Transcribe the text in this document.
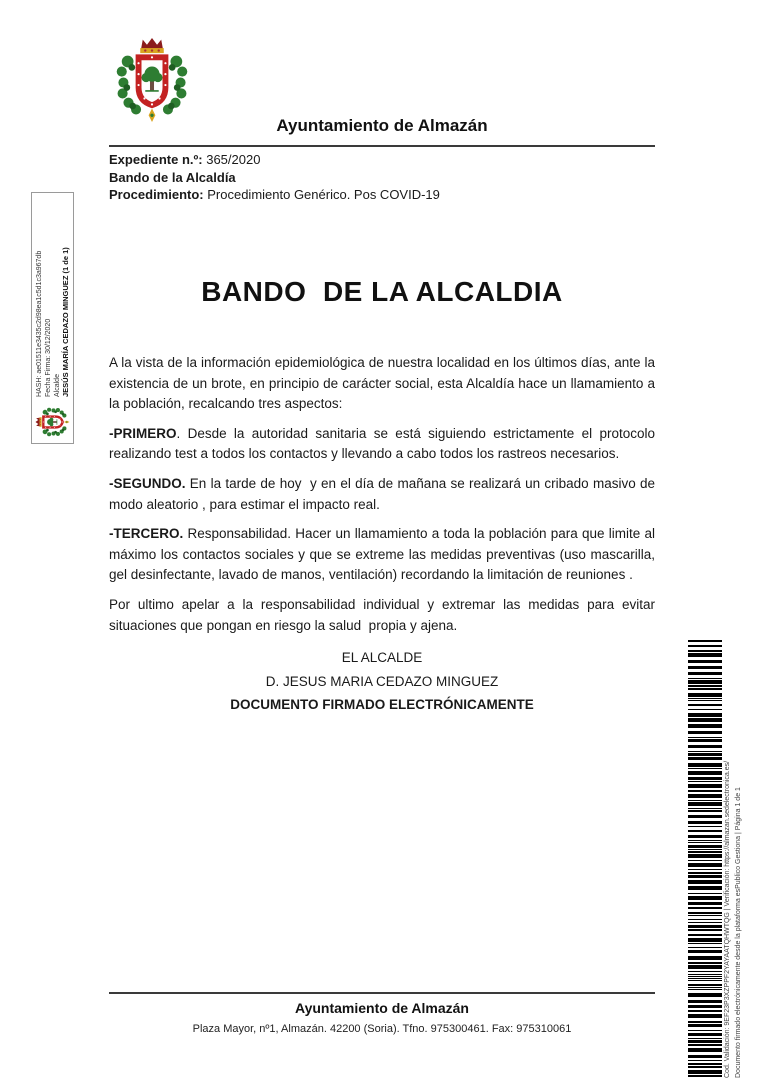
Ayuntamiento de Almazán

Expediente n.º: 365/2020

Bando de la Alcaldía

Procedimiento: Procedimiento Genérico. Pos COVID-19

BANDO  DE LA ALCALDIA

A la vista de la información epidemiológica de nuestra localidad en los últimos días, ante la existencia de un brote, en principio de carácter social, esta Alcaldía hace un llamamiento a la población, recalcando tres aspectos:

-PRIMERO. Desde la autoridad sanitaria se está siguiendo estrictamente el protocolo realizando test a todos los contactos y llevando a cabo todos los rastreos necesarios.

-SEGUNDO. En la tarde de hoy  y en el día de mañana se realizará un cribado masivo de modo aleatorio , para estimar el impacto real.

-TERCERO. Responsabilidad. Hacer un llamamiento a toda la población para que limite al máximo los contactos sociales y que se extreme las medidas preventivas (uso mascarilla, gel desinfectante, lavado de manos, ventilación) recordando la limitación de reuniones .

Por ultimo apelar a la responsabilidad individual y extremar las medidas para evitar situaciones que pongan en riesgo la salud  propia y ajena.

EL ALCALDE
D. JESUS MARIA CEDAZO MINGUEZ
DOCUMENTO FIRMADO ELECTRÓNICAMENTE

Ayuntamiento de Almazán

Plaza Mayor, nº1, Almazán. 42200 (Soria). Tfno. 975300461. Fax: 975310061

HASH: ae01511e3435c2d98ea1c5d1c3a967db Fecha Firma: 30/12/2020 Alcalde JESÚS MARÍA CEDAZO MINGUEZ (1 de 1)
Cod. Validación: 9EF23P3XZPPF2YAYAATQHWTQG | Verificación: https://almazan.sedelectronica.es/ Documento firmado electrónicamente desde la plataforma esPublico Gestiona | Página 1 de 1
